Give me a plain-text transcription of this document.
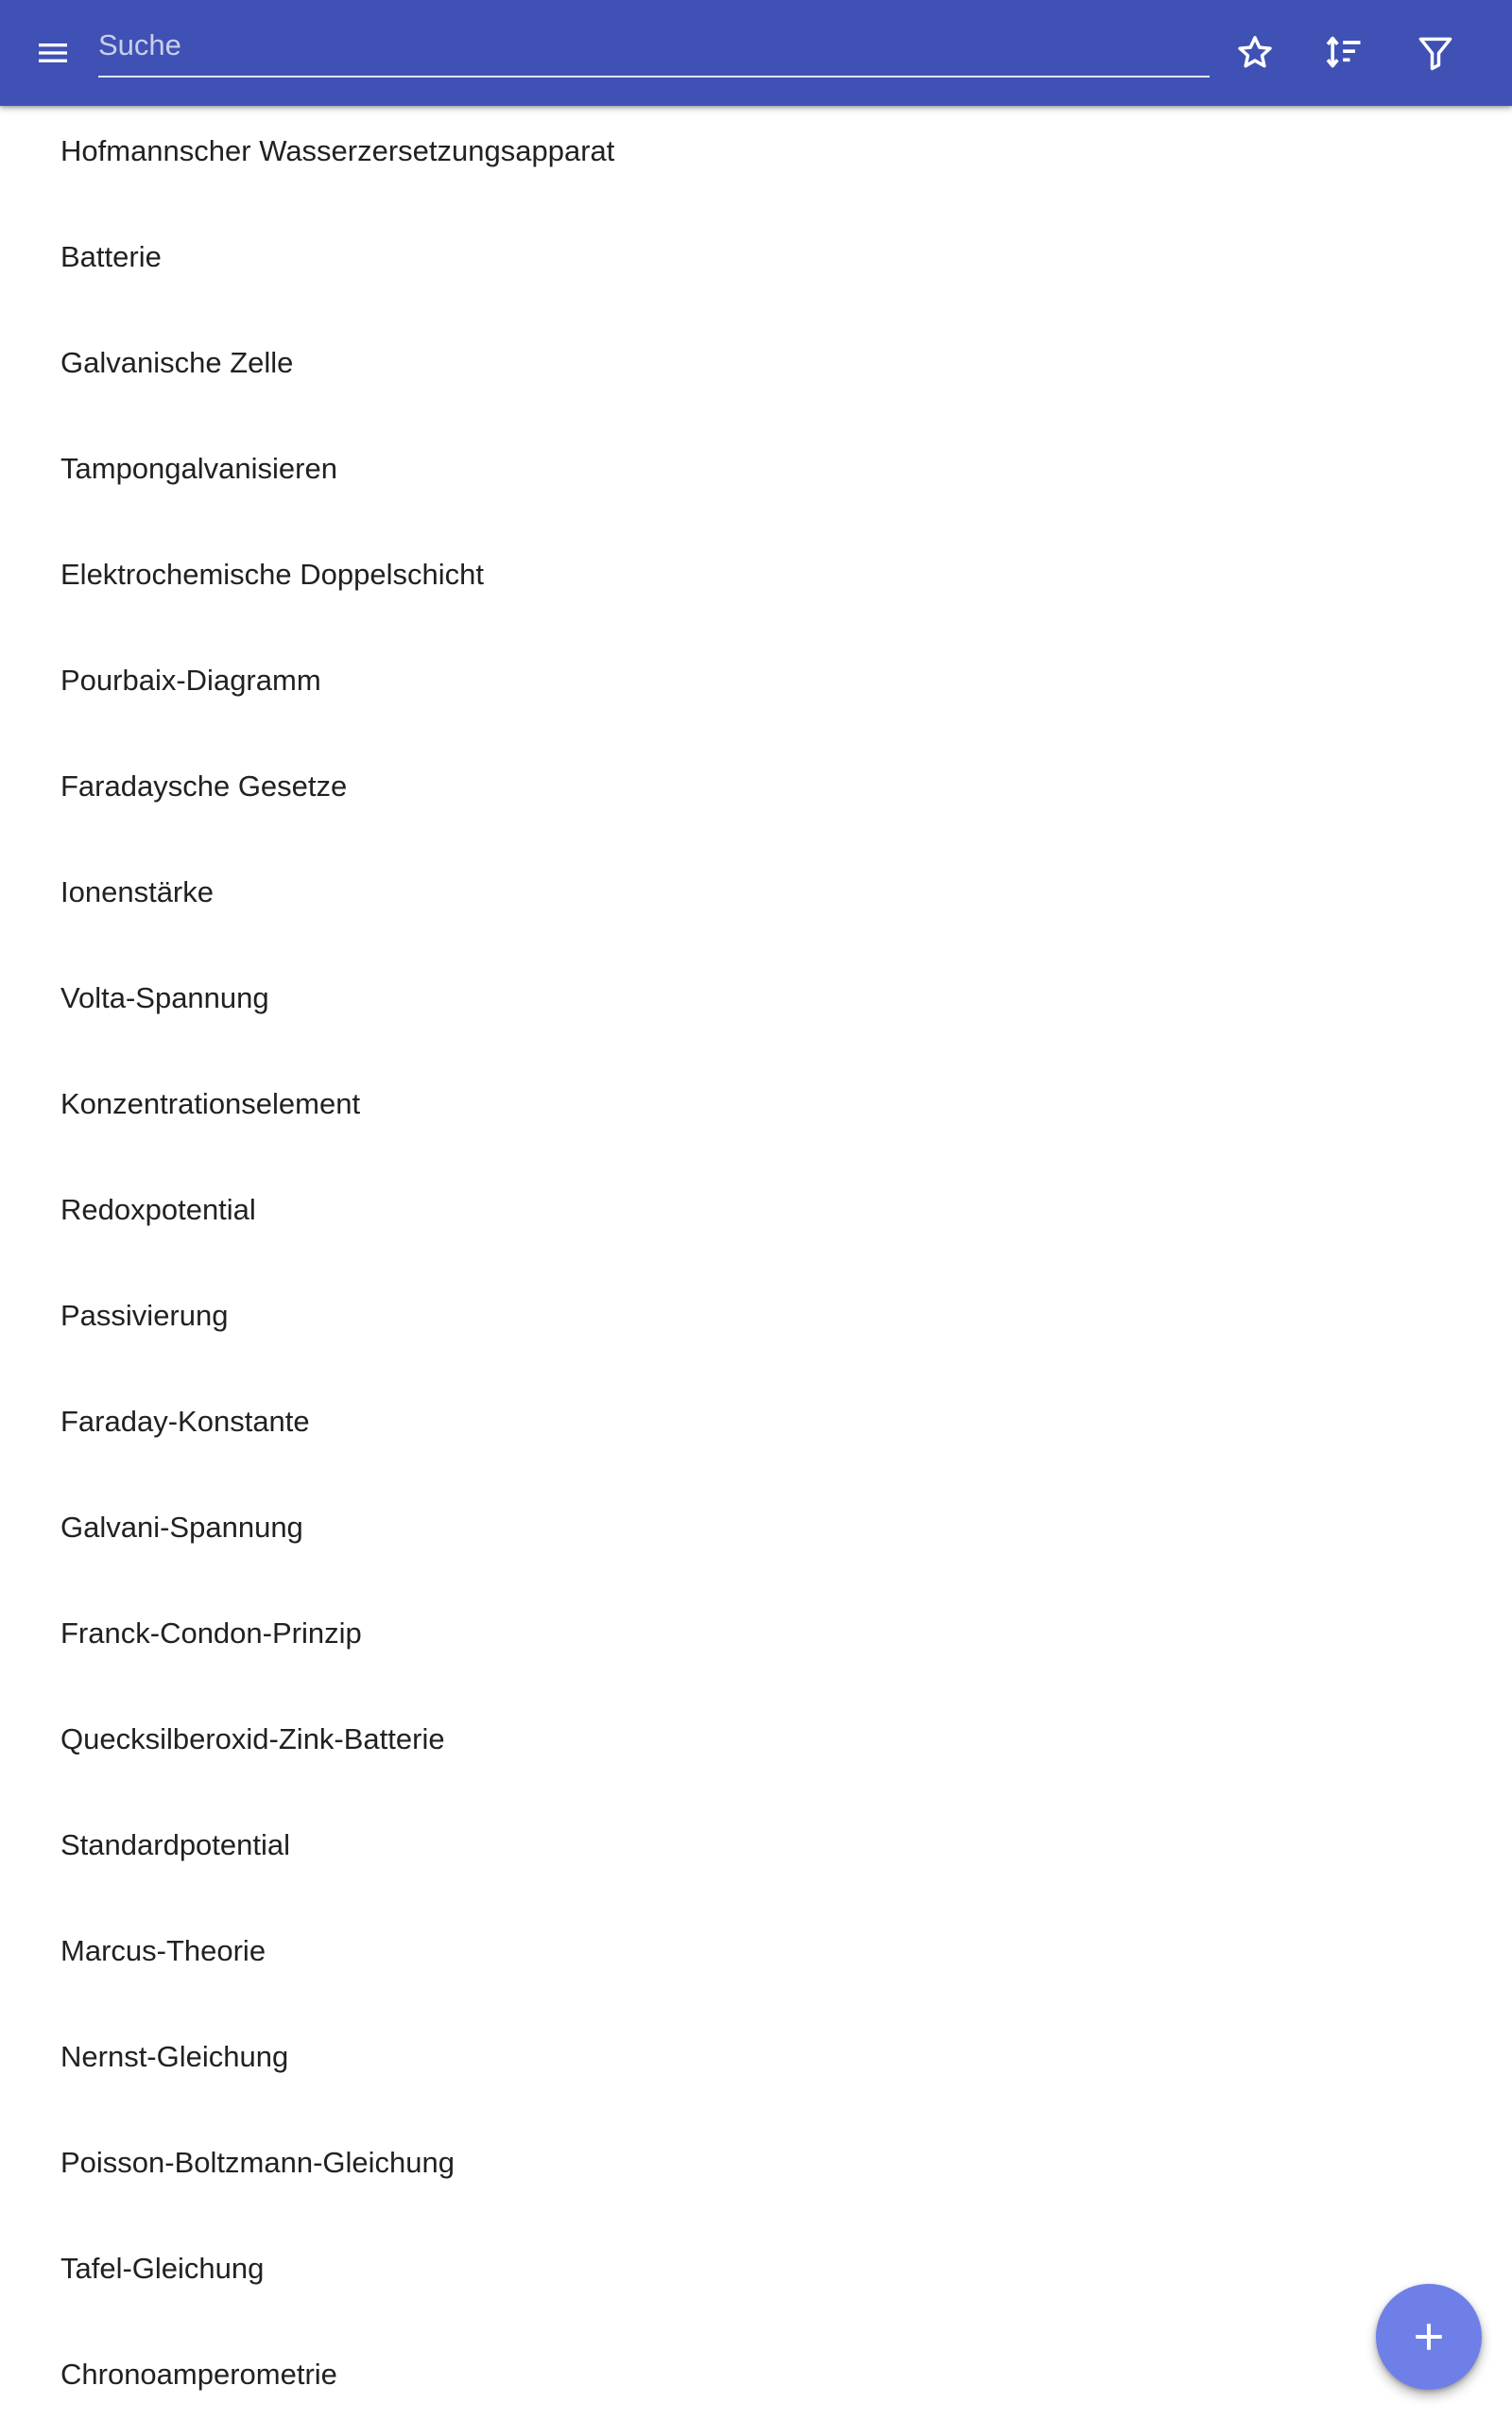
Suche
Hofmannscher Wasserzersetzungsapparat
Batterie
Galvanische Zelle
Tampongalvanisieren
Elektrochemische Doppelschicht
Pourbaix-Diagramm
Faradaysche Gesetze
Ionenstärke
Volta-Spannung
Konzentrationselement
Redoxpotential
Passivierung
Faraday-Konstante
Galvani-Spannung
Franck-Condon-Prinzip
Quecksilberoxid-Zink-Batterie
Standardpotential
Marcus-Theorie
Nernst-Gleichung
Poisson-Boltzmann-Gleichung
Tafel-Gleichung
Chronoamperometrie
